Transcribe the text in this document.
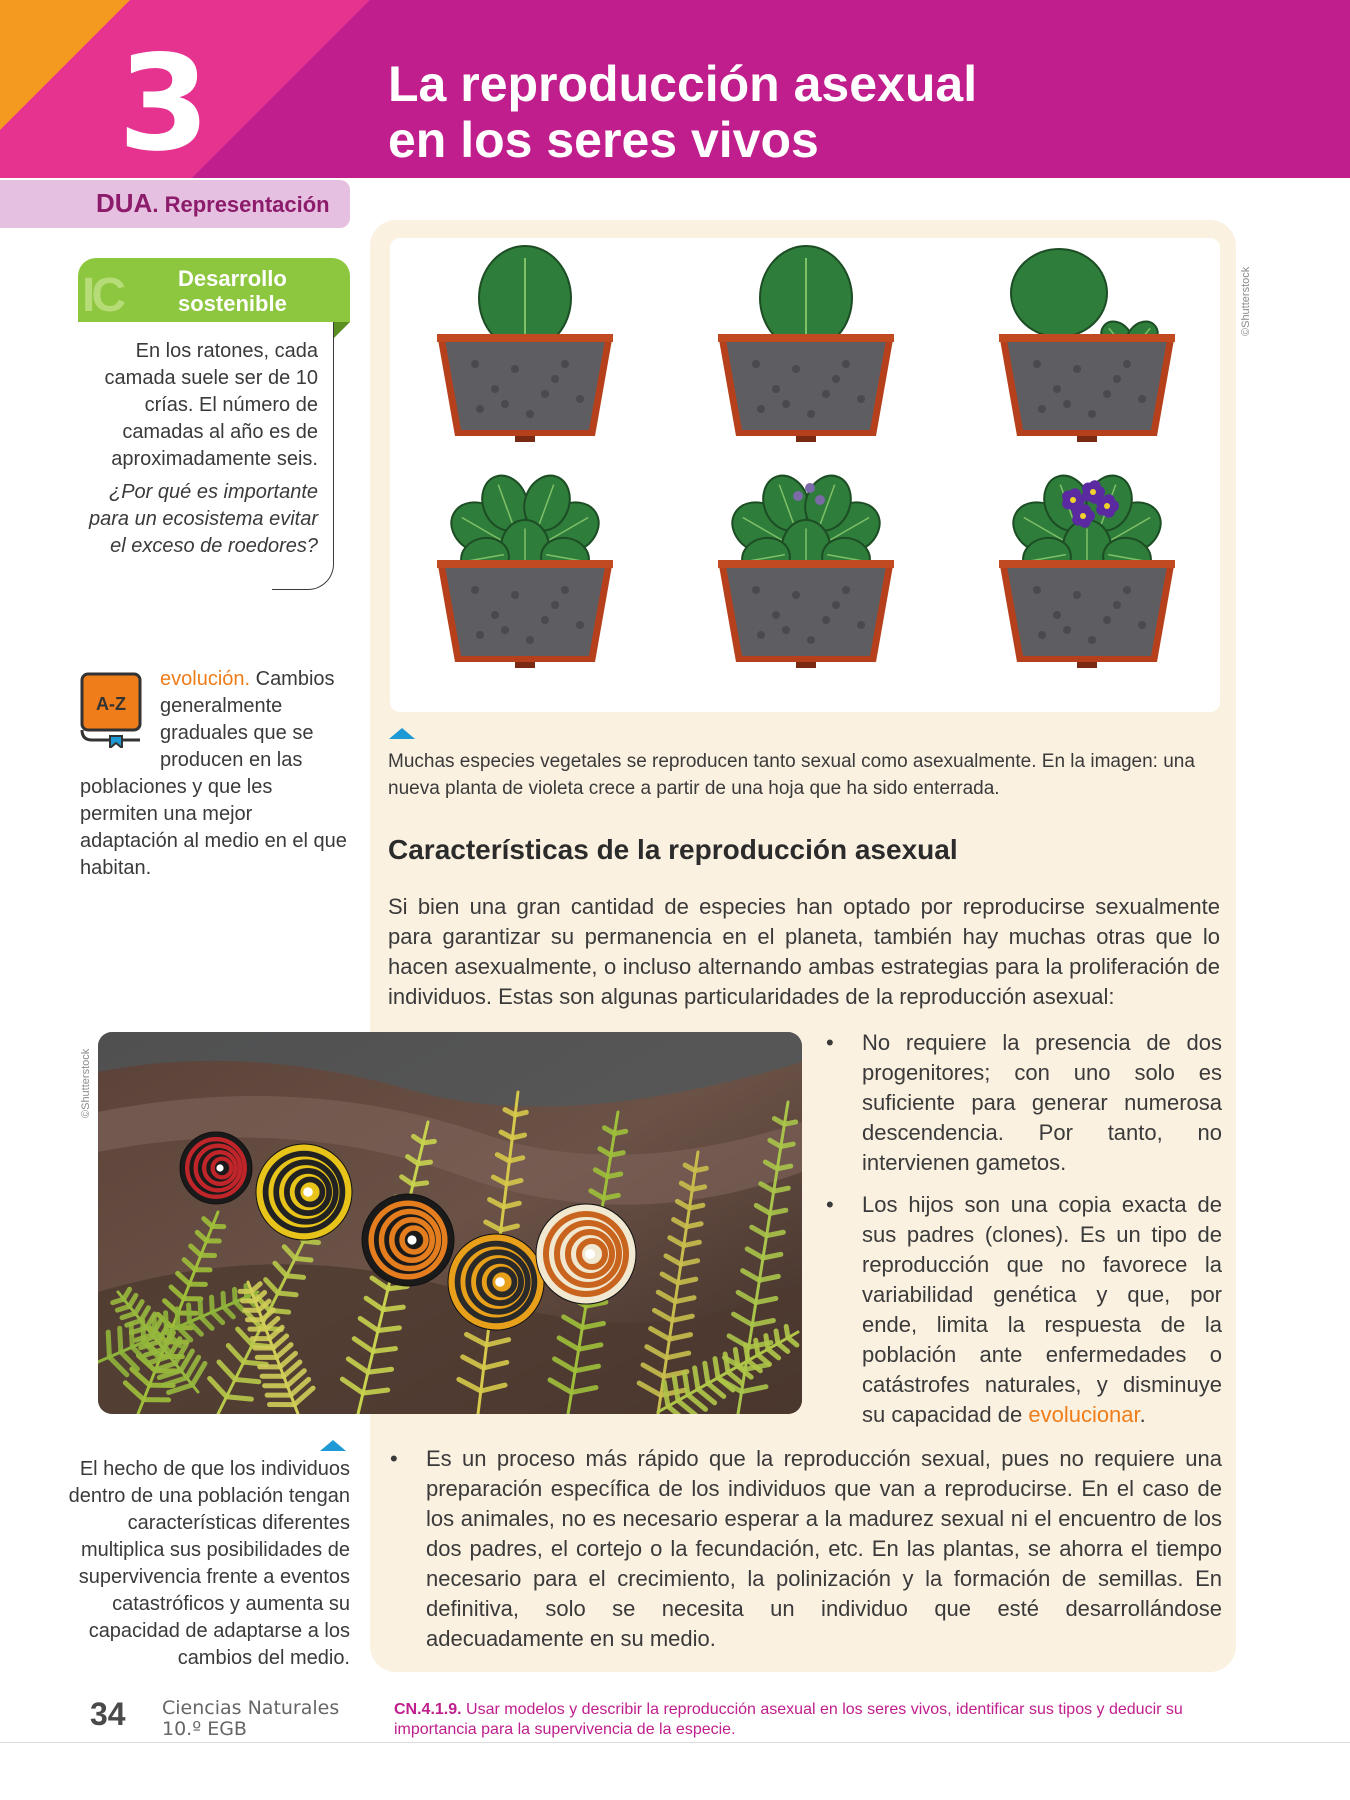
3	La reproducción asexual
en los seres vivos
DUA. Representación
IC	Desarrollo
sostenible

En los ratones, cada camada suele ser de 10 crías. El número de camadas al año es de aproximadamente seis.

¿Por qué es importante para un ecosistema evitar el exceso de roedores?

evolución. Cambios generalmente graduales que se producen en las poblaciones y que les permiten una mejor adaptación al medio en el que habitan.
A-Z
©Shutterstock

Muchas especies vegetales se reproducen tanto sexual como asexualmente. En la imagen: una nueva planta de violeta crece a partir de una hoja que ha sido enterrada.

Características de la reproducción asexual

Si bien una gran cantidad de especies han optado por reproducirse sexualmente para garantizar su permanencia en el planeta, también hay muchas otras que lo hacen asexualmente, o incluso alternando ambas estrategias para la proliferación de individuos. Estas son algunas particularidades de la reproducción asexual:

©Shutterstock
• No requiere la presencia de dos progenitores; con uno solo es suficiente para generar numerosa descendencia. Por tanto, no intervienen gametos.
• Los hijos son una copia exacta de sus padres (clones). Es un tipo de reproducción que no favorece la variabilidad genética y que, por ende, limita la respuesta de la población ante enfermedades o catástrofes naturales, y disminuye su capacidad de evolucionar.
• Es un proceso más rápido que la reproducción sexual, pues no requiere una preparación específica de los individuos que van a reproducirse. En el caso de los animales, no es necesario esperar a la madurez sexual ni el encuentro de los dos padres, el cortejo o la fecundación, etc. En las plantas, se ahorra el tiempo necesario para el crecimiento, la polinización y la formación de semillas. En definitiva, solo se necesita un individuo que esté desarrollándose adecuadamente en su medio.

El hecho de que los individuos dentro de una población tengan características diferentes multiplica sus posibilidades de supervivencia frente a eventos catastróficos y aumenta su capacidad de adaptarse a los cambios del medio.

34 Ciencias Naturales
10.º EGB

CN.4.1.9. Usar modelos y describir la reproducción asexual en los seres vivos, identificar sus tipos y deducir su importancia para la supervivencia de la especie.
